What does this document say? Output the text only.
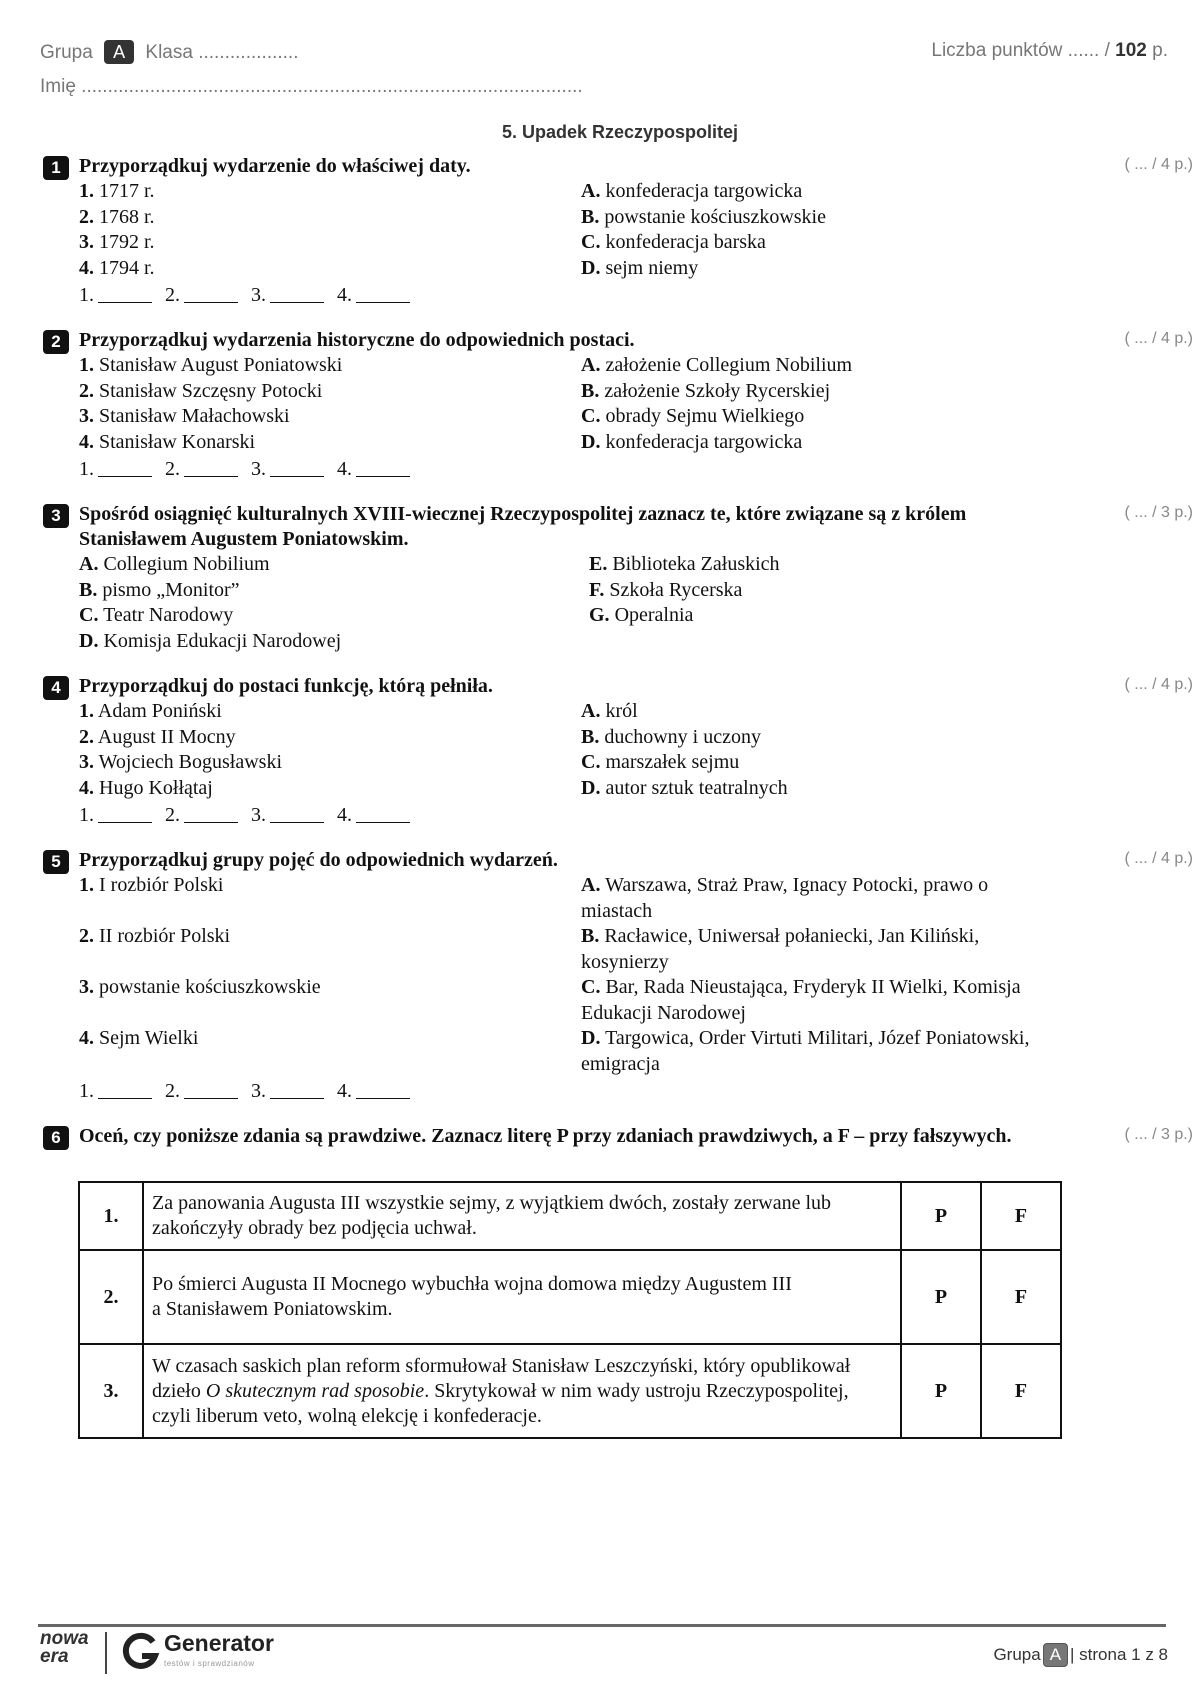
Grupa A Klasa ...................	Liczba punktów ...... / 102 p.
Imię ...............................................................................................
5. Upadek Rzeczypospolitej
1 Przyporządkuj wydarzenie do właściwej daty.	( ... / 4 p.)
1. 1717 r.
2. 1768 r.
3. 1792 r.
4. 1794 r.
A. konfederacja targowicka
B. powstanie kościuszkowskie
C. konfederacja barska
D. sejm niemy
1.	2.	3.	4.
2 Przyporządkuj wydarzenia historyczne do odpowiednich postaci.	( ... / 4 p.)
1. Stanisław August Poniatowski
2. Stanisław Szczęsny Potocki
3. Stanisław Małachowski
4. Stanisław Konarski
A. założenie Collegium Nobilium
B. założenie Szkoły Rycerskiej
C. obrady Sejmu Wielkiego
D. konfederacja targowicka
1.	2.	3.	4.
3 Spośród osiągnięć kulturalnych XVIII-wiecznej Rzeczypospolitej zaznacz te, które związane są z królem Stanisławem Augustem Poniatowskim.
( ... / 3 p.)
A. Collegium Nobilium
B. pismo „Monitor”
C. Teatr Narodowy
D. Komisja Edukacji Narodowej
E. Biblioteka Załuskich
F. Szkoła Rycerska
G. Operalnia
4 Przyporządkuj do postaci funkcję, którą pełniła.	( ... / 4 p.)
1. Adam Poniński
2. August II Mocny
3. Wojciech Bogusławski
4. Hugo Kołłątaj
A. król
B. duchowny i uczony
C. marszałek sejmu
D. autor sztuk teatralnych
1.	2.	3.	4.
5 Przyporządkuj grupy pojęć do odpowiednich wydarzeń.
1. I rozbiór Polski
2. II rozbiór Polski
3. powstanie kościuszkowskie
4. Sejm Wielki
A. Warszawa, Straż Praw, Ignacy Potocki, prawo o miastach
B. Racławice, Uniwersał połaniecki, Jan Kiliński, kosynierzy
C. Bar, Rada Nieustająca, Fryderyk II Wielki, Komisja Edukacji Narodowej
D. Targowica, Order Virtuti Militari, Józef Poniatowski, emigracja
( ... / 4 p.)
1.	2.	3.	4.
6 Oceń, czy poniższe zdania są prawdziwe. Zaznacz literę P przy zdaniach prawdziwych, a F – przy fałszywych.	( ... / 3 p.)
1.	Za panowania Augusta III wszystkie sejmy, z wyjątkiem dwóch, zostały zerwane lub zakończyły obrady bez podjęcia uchwał.	P	F
2.	Po śmierci Augusta II Mocnego wybuchła wojna domowa między Augustem III
a Stanisławem Poniatowskim.	P	F
3.	W czasach saskich plan reform sformułował Stanisław Leszczyński, który opublikował dzieło O skutecznym rad sposobie. Skrytykował w nim wady ustroju Rzeczypospolitej, czyli liberum veto, wolną elekcję i konfederacje.	P	F
nowa
era
Generator
testów i sprawdzianów	Grupa A | strona 1 z 8
